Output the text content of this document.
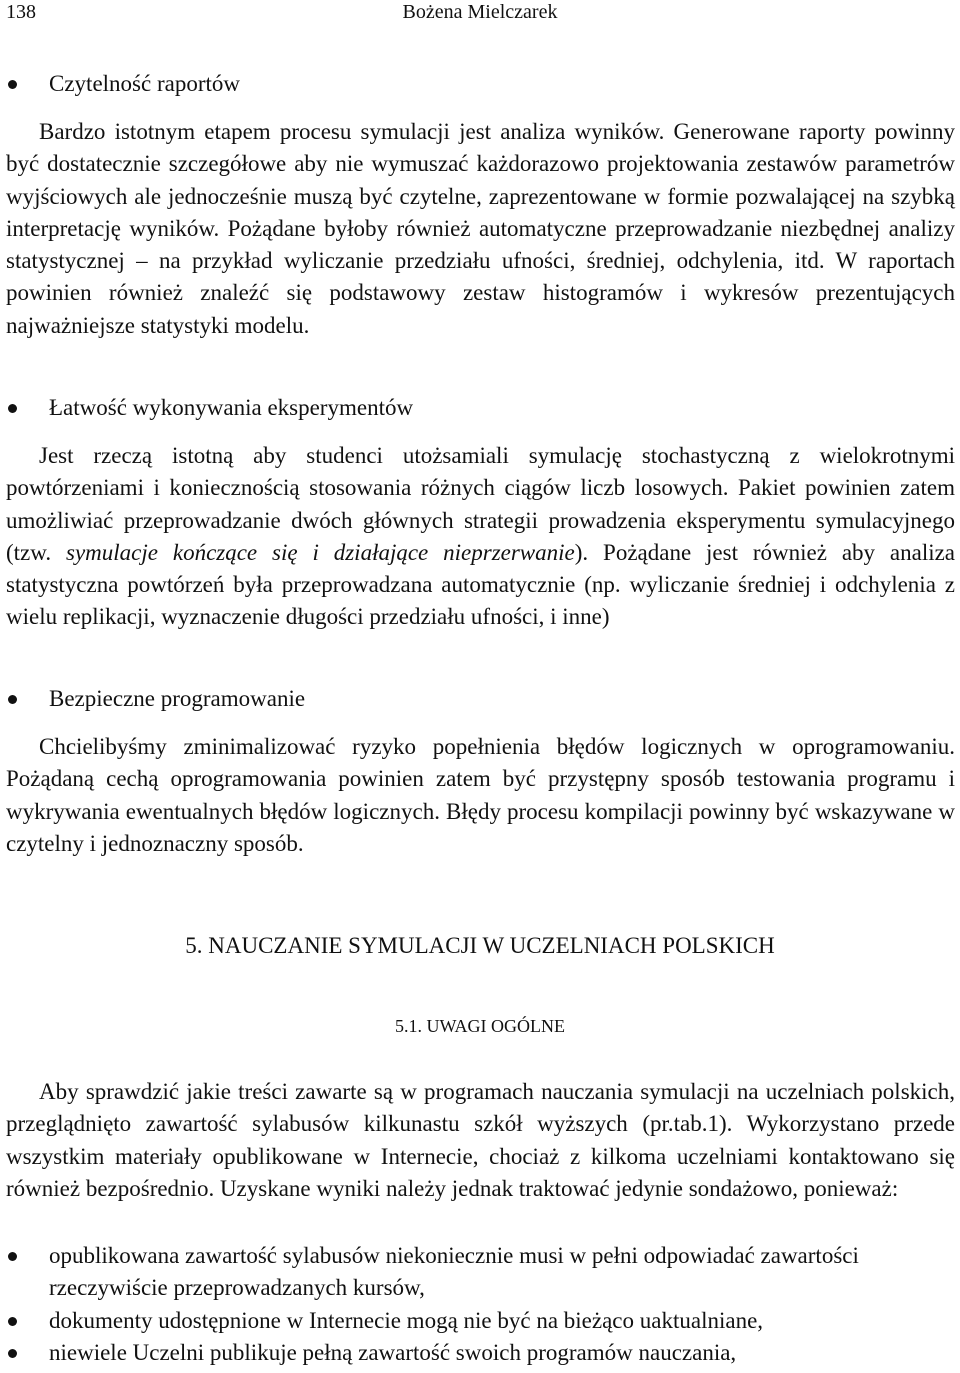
138	Bożena Mielczarek
Czytelność raportów

Bardzo istotnym etapem procesu symulacji jest analiza wyników. Generowane raporty powinny być dostatecznie szczegółowe aby nie wymuszać każdorazowo projektowania zestawów parametrów wyjściowych ale jednocześnie muszą być czytelne, zaprezentowane w formie pozwalającej na szybką interpretację wyników. Pożądane byłoby również automatyczne przeprowadzanie niezbędnej analizy statystycznej – na przykład wyliczanie przedziału ufności, średniej, odchylenia, itd. W raportach powinien również znaleźć się podstawowy zestaw histogramów i wykresów prezentujących najważniejsze statystyki modelu.

Łatwość wykonywania eksperymentów

Jest rzeczą istotną aby studenci utożsamiali symulację stochastyczną z wielokrotnymi powtórzeniami i koniecznością stosowania różnych ciągów liczb losowych. Pakiet powinien zatem umożliwiać przeprowadzanie dwóch głównych strategii prowadzenia eksperymentu symulacyjnego (tzw. symulacje kończące się i działające nieprzerwanie). Pożądane jest również aby analiza statystyczna powtórzeń była przeprowadzana automatycznie (np. wyliczanie średniej i odchylenia z wielu replikacji, wyznaczenie długości przedziału ufności, i inne)

Bezpieczne programowanie

Chcielibyśmy zminimalizować ryzyko popełnienia błędów logicznych w oprogramowaniu. Pożądaną cechą oprogramowania powinien zatem być przystępny sposób testowania programu i wykrywania ewentualnych błędów logicznych. Błędy procesu kompilacji powinny być wskazywane w czytelny i jednoznaczny sposób.

5. NAUCZANIE SYMULACJI W UCZELNIACH POLSKICH
5.1. UWAGI OGÓLNE

Aby sprawdzić jakie treści zawarte są w programach nauczania symulacji na uczelniach polskich, przeglądnięto zawartość sylabusów kilkunastu szkół wyższych (pr.tab.1). Wykorzystano przede wszystkim materiały opublikowane w Internecie, chociaż z kilkoma uczelniami kontaktowano się również bezpośrednio. Uzyskane wyniki należy jednak traktować jedynie sondażowo, ponieważ:

opublikowana zawartość sylabusów niekoniecznie musi w pełni odpowiadać zawartości rzeczywiście przeprowadzanych kursów,
dokumenty udostępnione w Internecie mogą nie być na bieżąco uaktualniane,
niewiele Uczelni publikuje pełną zawartość swoich programów nauczania,
